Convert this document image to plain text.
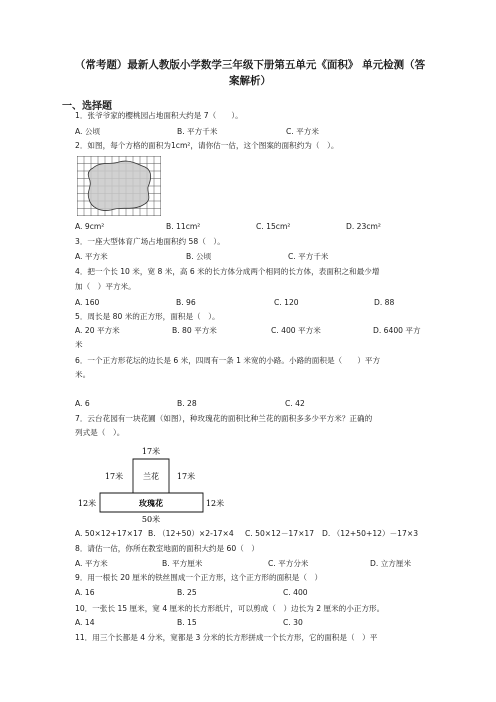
（常考题）最新人教版小学数学三年级下册第五单元《面积》 单元检测（答
案解析）
一、选择题
1．张爷爷家的樱桃园占地面积大约是 7（　　）。
A. 公顷	B. 平方千米	C. 平方米
2．如图，每个方格的面积为1cm²，请你估一估，这个图案的面积约为（　）。
A. 9cm²	B. 11cm²	C. 15cm²	D. 23cm²
3．一座大型体育广场占地面积约 58（　）。
A. 平方米	B. 公顷	C. 平方千米
4．把一个长 10 米，宽 8 米，高 6 米的长方体分成两个相同的长方体，表面积之和最少增
加（　）平方米。
A. 160	B. 96	C. 120	D. 88
5．周长是 80 米的正方形，面积是（　）。
A. 20 平方米	B. 80 平方米	C. 400 平方米	D. 6400 平方
米
6．一个正方形花坛的边长是 6 米，四周有一条 1 米宽的小路。小路的面积是（　　）平方
米。
A. 6	B. 28	C. 42
7．云台花园有一块花圃（如图），种玫瑰花的面积比种兰花的面积多多少平方米？正确的
列式是（　）。
17米
17米 兰花 17米
玫瑰花
12米	12米
50米
A. 50×12+17×17 B. （12+50）×2-17×4 C. 50×12－17×17 D. （12+50+12）－17×3
8．请估一估，你所在教室地面的面积大约是 60（　）
A. 平方米	B. 平方厘米	C. 平方分米	D. 立方厘米
9．用一根长 20 厘米的铁丝围成一个正方形，这个正方形的面积是（　）
A. 16	B. 25	C. 400
10．一张长 15 厘米，宽 4 厘米的长方形纸片，可以剪成（　）边长为 2 厘米的小正方形。
A. 14	B. 15	C. 30
11．用三个长都是 4 分米，宽都是 3 分米的长方形拼成一个长方形，它的面积是（　）平
